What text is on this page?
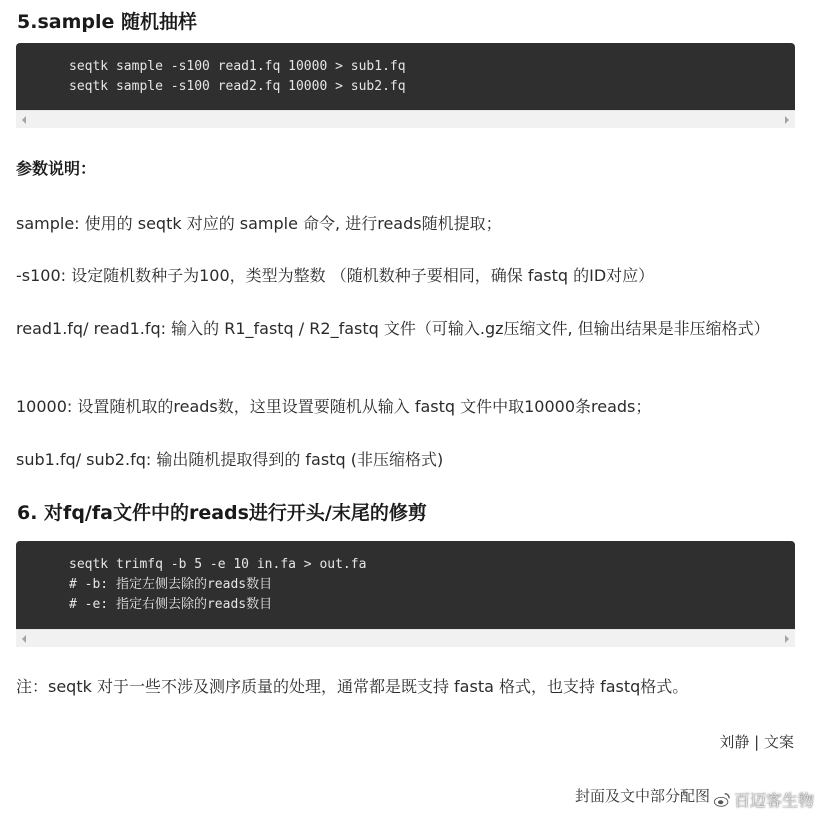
5.sample 随机抽样
seqtk sample -s100 read1.fq 10000 > sub1.fq
seqtk sample -s100 read2.fq 10000 > sub2.fq

参数说明：

sample: 使用的 seqtk 对应的 sample 命令, 进行reads随机提取；

-s100: 设定随机数种子为100，类型为整数 （随机数种子要相同，确保 fastq 的ID对应）

read1.fq/ read1.fq: 输入的 R1_fastq / R2_fastq 文件（可输入.gz压缩文件, 但输出结果是非压缩格式）

10000: 设置随机取的reads数，这里设置要随机从输入 fastq 文件中取10000条reads；

sub1.fq/ sub2.fq: 输出随机提取得到的 fastq (非压缩格式)

6. 对fq/fa文件中的reads进行开头/末尾的修剪
seqtk trimfq -b 5 -e 10 in.fa > out.fa
# -b: 指定左侧去除的reads数目
# -e: 指定右侧去除的reads数目

注：seqtk 对于一些不涉及测序质量的处理，通常都是既支持 fasta 格式，也支持 fastq格式。

刘静 | 文案

封面及文中部分配图 百迈客生物
